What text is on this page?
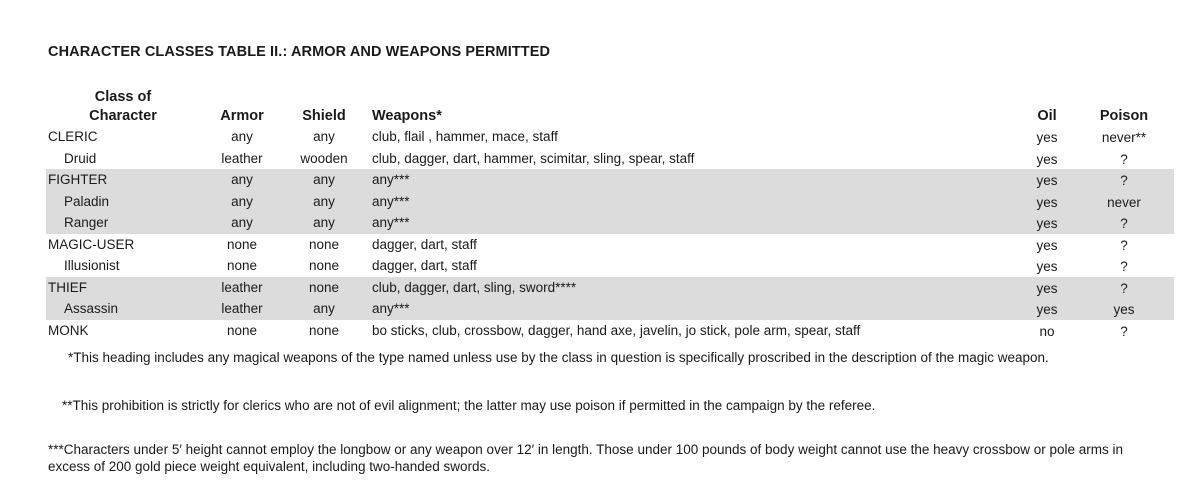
CHARACTER CLASSES TABLE II.: ARMOR AND WEAPONS PERMITTED
Class of
Character	Armor	Shield	Weapons*	Oil	Poison
CLERIC	any	any	club, flail , hammer, mace, staff	yes	never**
Druid	leather	wooden	club, dagger, dart, hammer, scimitar, sling, spear, staff	yes	?
FIGHTER	any	any	any***	yes	?
Paladin	any	any	any***	yes	never
Ranger	any	any	any***	yes	?
MAGIC-USER	none	none	dagger, dart, staff	yes	?
Illusionist	none	none	dagger, dart, staff	yes	?
THIEF	leather	none	club, dagger, dart, sling, sword****	yes	?
Assassin	leather	any	any***	yes	yes
MONK	none	none	bo sticks, club, crossbow, dagger, hand axe, javelin, jo stick, pole arm, spear, staff	no	?
*This heading includes any magical weapons of the type named unless use by the class in question is specifically proscribed in the description of the magic weapon.
**This prohibition is strictly for clerics who are not of evil alignment; the latter may use poison if permitted in the campaign by the referee.
***Characters under 5′ height cannot employ the longbow or any weapon over 12′ in length. Those under 100 pounds of body weight cannot use the heavy crossbow or pole arms in excess of 200 gold piece weight equivalent, including two-handed swords.
